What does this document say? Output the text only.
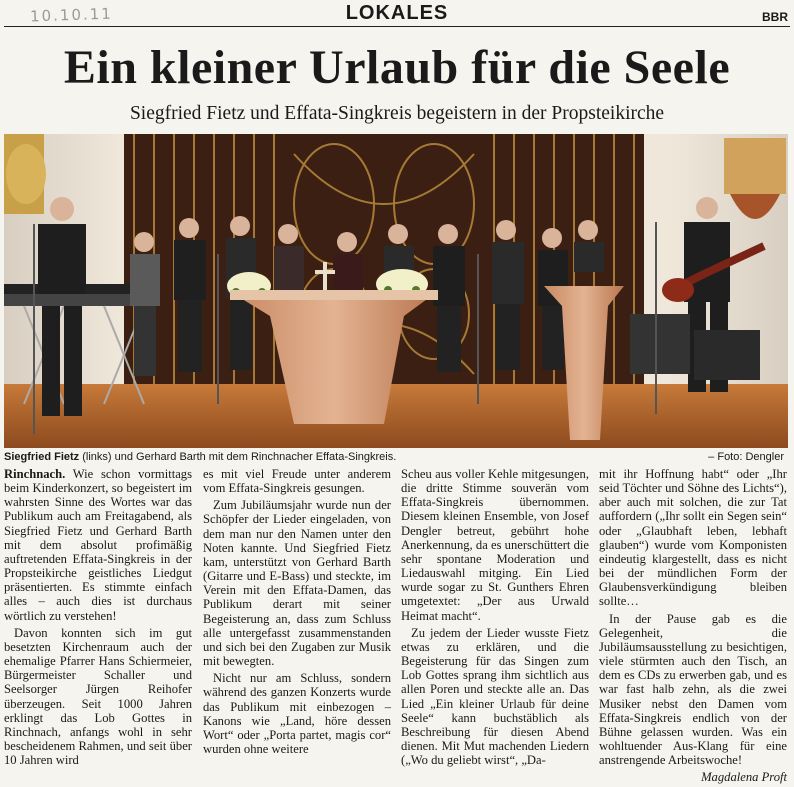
10.10.11	LOKALES	BBR
Ein kleiner Urlaub für die Seele
Siegfried Fietz und Effata-Singkreis begeistern in der Propsteikirche
Siegfried Fietz (links) und Gerhard Barth mit dem Rinchnacher Effata-Singkreis.	– Foto: Dengler

Rinchnach. Wie schon vormittags beim Kinderkonzert, so begeistert im wahrsten Sinne des Wortes war das Publikum auch am Freitagabend, als Siegfried Fietz und Gerhard Barth mit dem absolut profimäßig auftretenden Effata-Singkreis in der Propsteikirche geistliches Liedgut präsentierten. Es stimmte einfach alles – auch dies ist durchaus wörtlich zu verstehen!

Davon konnten sich im gut besetzten Kirchenraum auch der ehemalige Pfarrer Hans Schiermeier, Bürgermeister Schaller und Seelsorger Jürgen Reihofer überzeugen. Seit 1000 Jahren erklingt das Lob Gottes in Rinchnach, anfangs wohl in sehr bescheidenem Rahmen, und seit über 10 Jahren wird

es mit viel Freude unter anderem vom Effata-Singkreis gesungen.

Zum Jubiläumsjahr wurde nun der Schöpfer der Lieder eingeladen, von dem man nur den Namen unter den Noten kannte. Und Siegfried Fietz kam, unterstützt von Gerhard Barth (Gitarre und E-Bass) und steckte, im Verein mit den Effata-Damen, das Publikum derart mit seiner Begeisterung an, dass zum Schluss alle untergefasst zusammenstanden und sich bei den Zugaben zur Musik mit bewegten.

Nicht nur am Schluss, sondern während des ganzen Konzerts wurde das Publikum mit einbezogen – Kanons wie „Land, höre dessen Wort“ oder „Porta partet, magis cor“ wurden ohne weitere

Scheu aus voller Kehle mitgesungen, die dritte Stimme souverän vom Effata-Singkreis übernommen. Diesem kleinen Ensemble, von Josef Dengler betreut, gebührt hohe Anerkennung, da es unerschüttert die sehr spontane Moderation und Liedauswahl mitging. Ein Lied wurde sogar zu St. Gunthers Ehren umgetextet: „Der aus Urwald Heimat macht“.

Zu jedem der Lieder wusste Fietz etwas zu erklären, und die Begeisterung für das Singen zum Lob Gottes sprang ihm sichtlich aus allen Poren und steckte alle an. Das Lied „Ein kleiner Urlaub für deine Seele“ kann buchstäblich als Beschreibung für diesen Abend dienen. Mit Mut machenden Liedern („Wo du geliebt wirst“, „Da-

mit ihr Hoffnung habt“ oder „Ihr seid Töchter und Söhne des Lichts“), aber auch mit solchen, die zur Tat auffordern („Ihr sollt ein Segen sein“ oder „Glaubhaft leben, lebhaft glauben“) wurde vom Komponisten eindeutig klargestellt, dass es nicht bei der mündlichen Form der Glaubensverkündigung bleiben sollte…

In der Pause gab es die Gelegenheit, die Jubiläumsausstellung zu besichtigen, viele stürmten auch den Tisch, an dem es CDs zu erwerben gab, und es war fast halb zehn, als die zwei Musiker nebst den Damen vom Effata-Singkreis endlich von der Bühne gelassen wurden. Was ein wohltuender Aus-Klang für eine anstrengende Arbeitswoche!

Magdalena Proft
